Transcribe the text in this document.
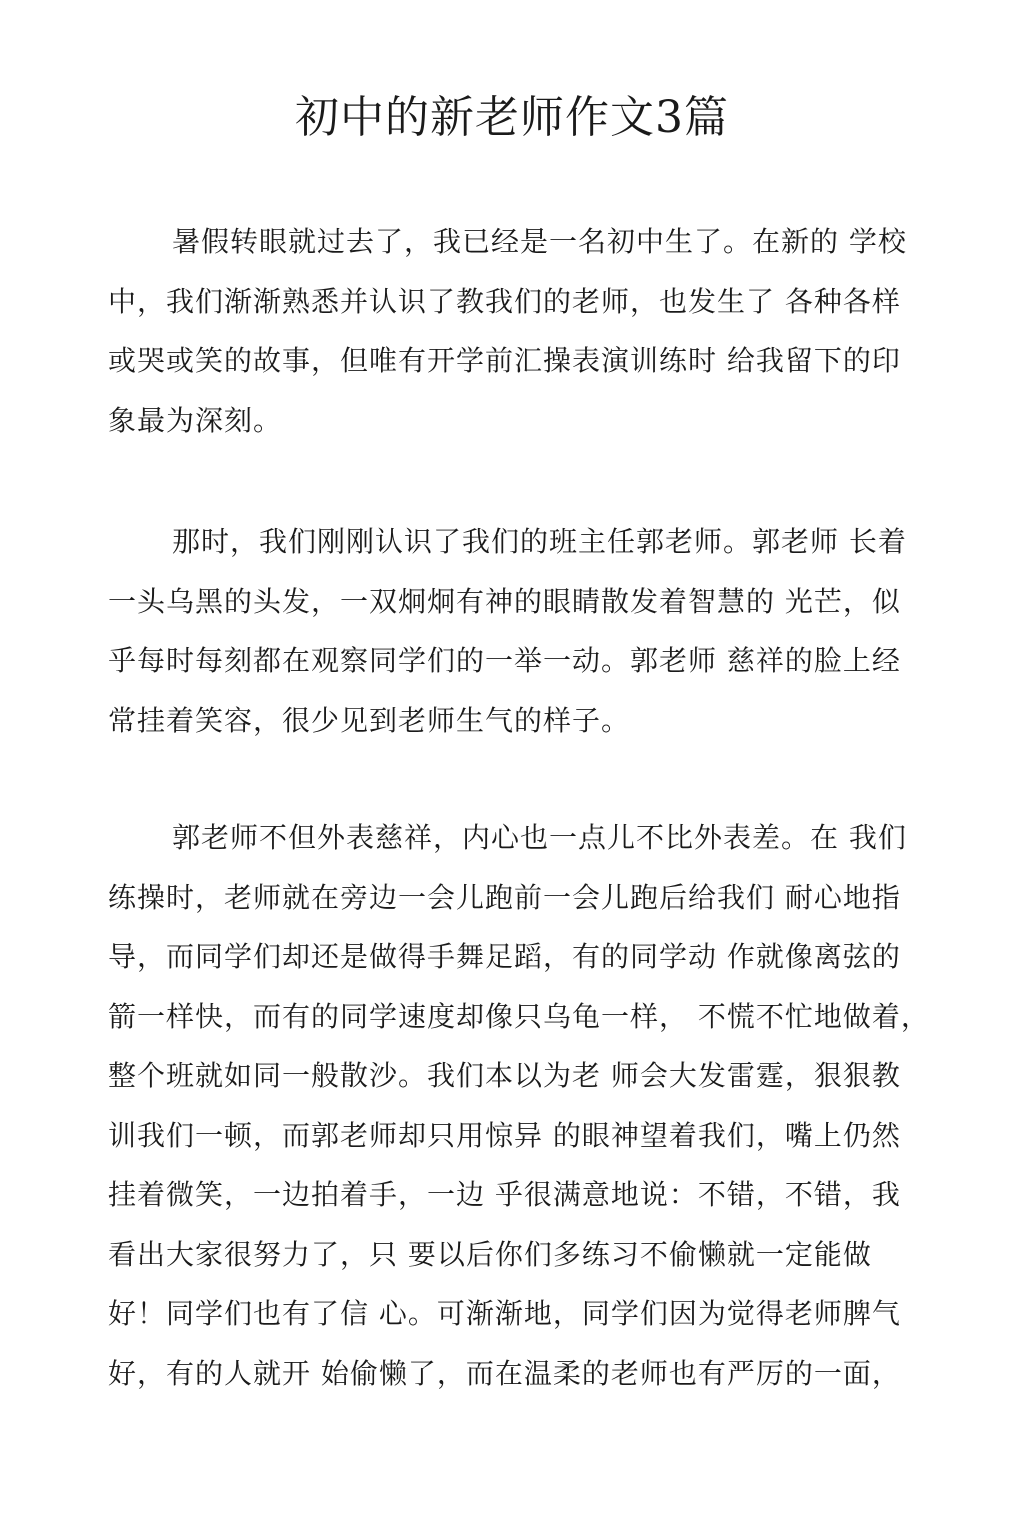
初中的新老师作文3篇
暑假转眼就过去了，我已经是一名初中生了。在新的 学校
中，我们渐渐熟悉并认识了教我们的老师，也发生了 各种各样
或哭或笑的故事，但唯有开学前汇操表演训练时 给我留下的印
象最为深刻。
那时，我们刚刚认识了我们的班主任郭老师。郭老师 长着
一头乌黑的头发，一双炯炯有神的眼睛散发着智慧的 光芒，似
乎每时每刻都在观察同学们的一举一动。郭老师 慈祥的脸上经
常挂着笑容，很少见到老师生气的样子。
郭老师不但外表慈祥，内心也一点儿不比外表差。在 我们
练操时，老师就在旁边一会儿跑前一会儿跑后给我们 耐心地指
导，而同学们却还是做得手舞足蹈，有的同学动 作就像离弦的
箭一样快，而有的同学速度却像只乌龟一样， 不慌不忙地做着，
整个班就如同一般散沙。我们本以为老 师会大发雷霆，狠狠教
训我们一顿，而郭老师却只用惊异 的眼神望着我们，嘴上仍然
挂着微笑，一边拍着手，一边 乎很满意地说：不错，不错，我
看出大家很努力了，只 要以后你们多练习不偷懒就一定能做
好！同学们也有了信 心。可渐渐地，同学们因为觉得老师脾气
好，有的人就开 始偷懒了，而在温柔的老师也有严厉的一面，
